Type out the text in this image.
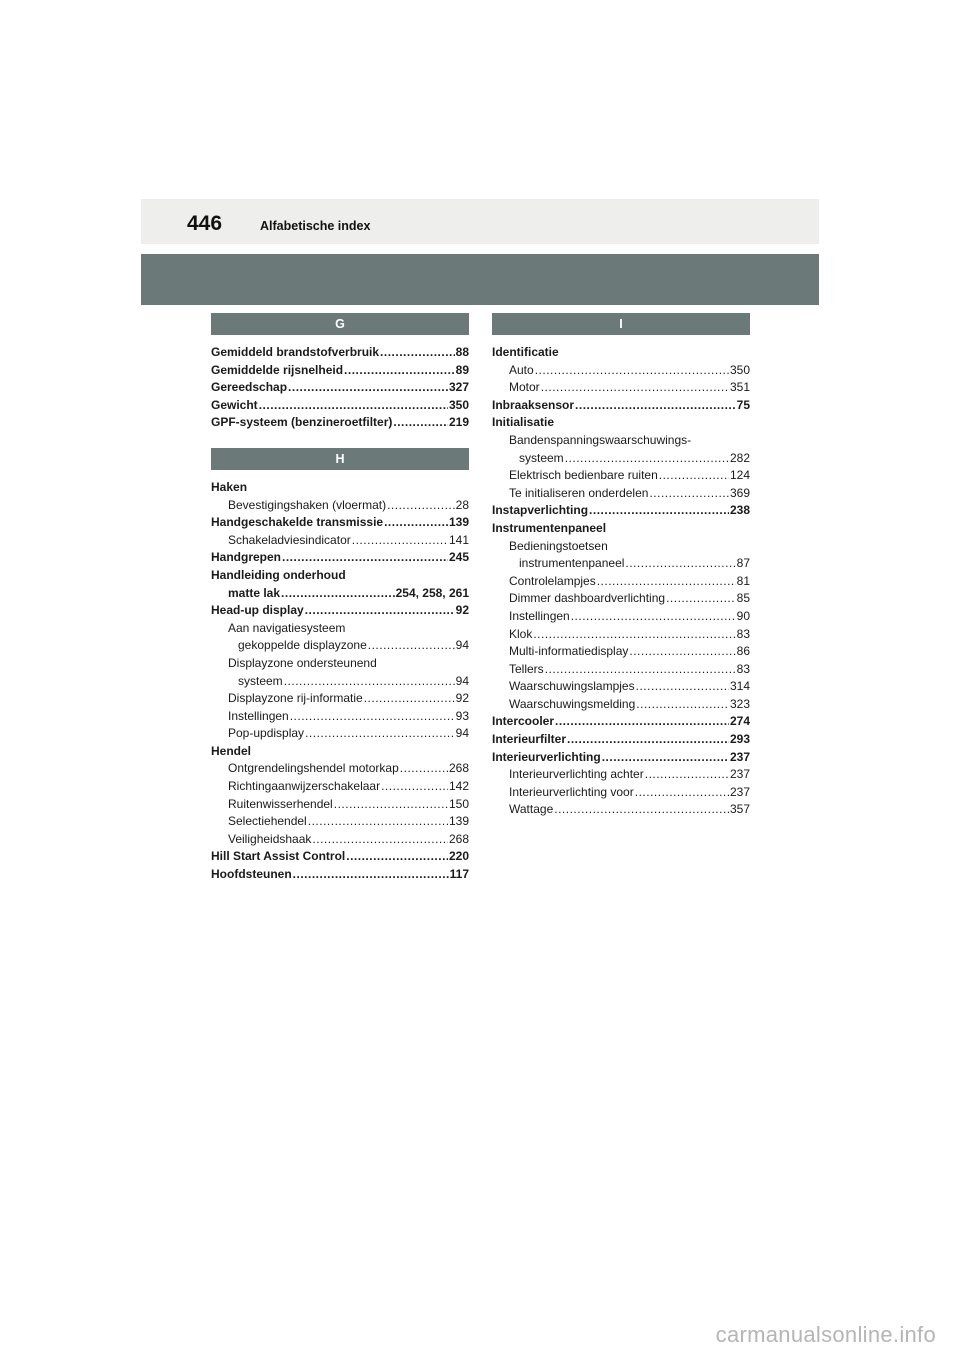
446	Alfabetische index
G
Gemiddeld brandstofverbruik .....	88
Gemiddelde rijsnelheid .....	89
Gereedschap .....	327
Gewicht .....	350
GPF-systeem (benzineroetfilter) .....	219
H
Haken
Bevestigingshaken (vloermat) .....	28
Handgeschakelde transmissie .....	139
Schakeladviesindicator .....	141
Handgrepen .....	245
Handleiding onderhoud
matte lak .....	254, 258, 261
Head-up display .....	92
Aan navigatiesysteem
gekoppelde displayzone .....	94
Displayzone ondersteunend
systeem .....	94
Displayzone rij-informatie .....	92
Instellingen .....	93
Pop-updisplay .....	94
Hendel
Ontgrendelingshendel motorkap .....	268
Richtingaanwijzerschakelaar .....	142
Ruitenwisserhendel .....	150
Selectiehendel .....	139
Veiligheidshaak .....	268
Hill Start Assist Control .....	220
Hoofdsteunen .....	117
I
Identificatie
Auto .....	350
Motor .....	351
Inbraaksensor .....	75
Initialisatie
Bandenspanningswaarschuwings-
systeem .....	282
Elektrisch bedienbare ruiten .....	124
Te initialiseren onderdelen .....	369
Instapverlichting .....	238
Instrumentenpaneel
Bedieningstoetsen
instrumentenpaneel .....	87
Controlelampjes .....	81
Dimmer dashboardverlichting .....	85
Instellingen .....	90
Klok .....	83
Multi-informatiedisplay .....	86
Tellers .....	83
Waarschuwingslampjes .....	314
Waarschuwingsmelding .....	323
Intercooler .....	274
Interieurfilter .....	293
Interieurverlichting .....	237
Interieurverlichting achter .....	237
Interieurverlichting voor .....	237
Wattage .....	357
carmanualsonline.info
